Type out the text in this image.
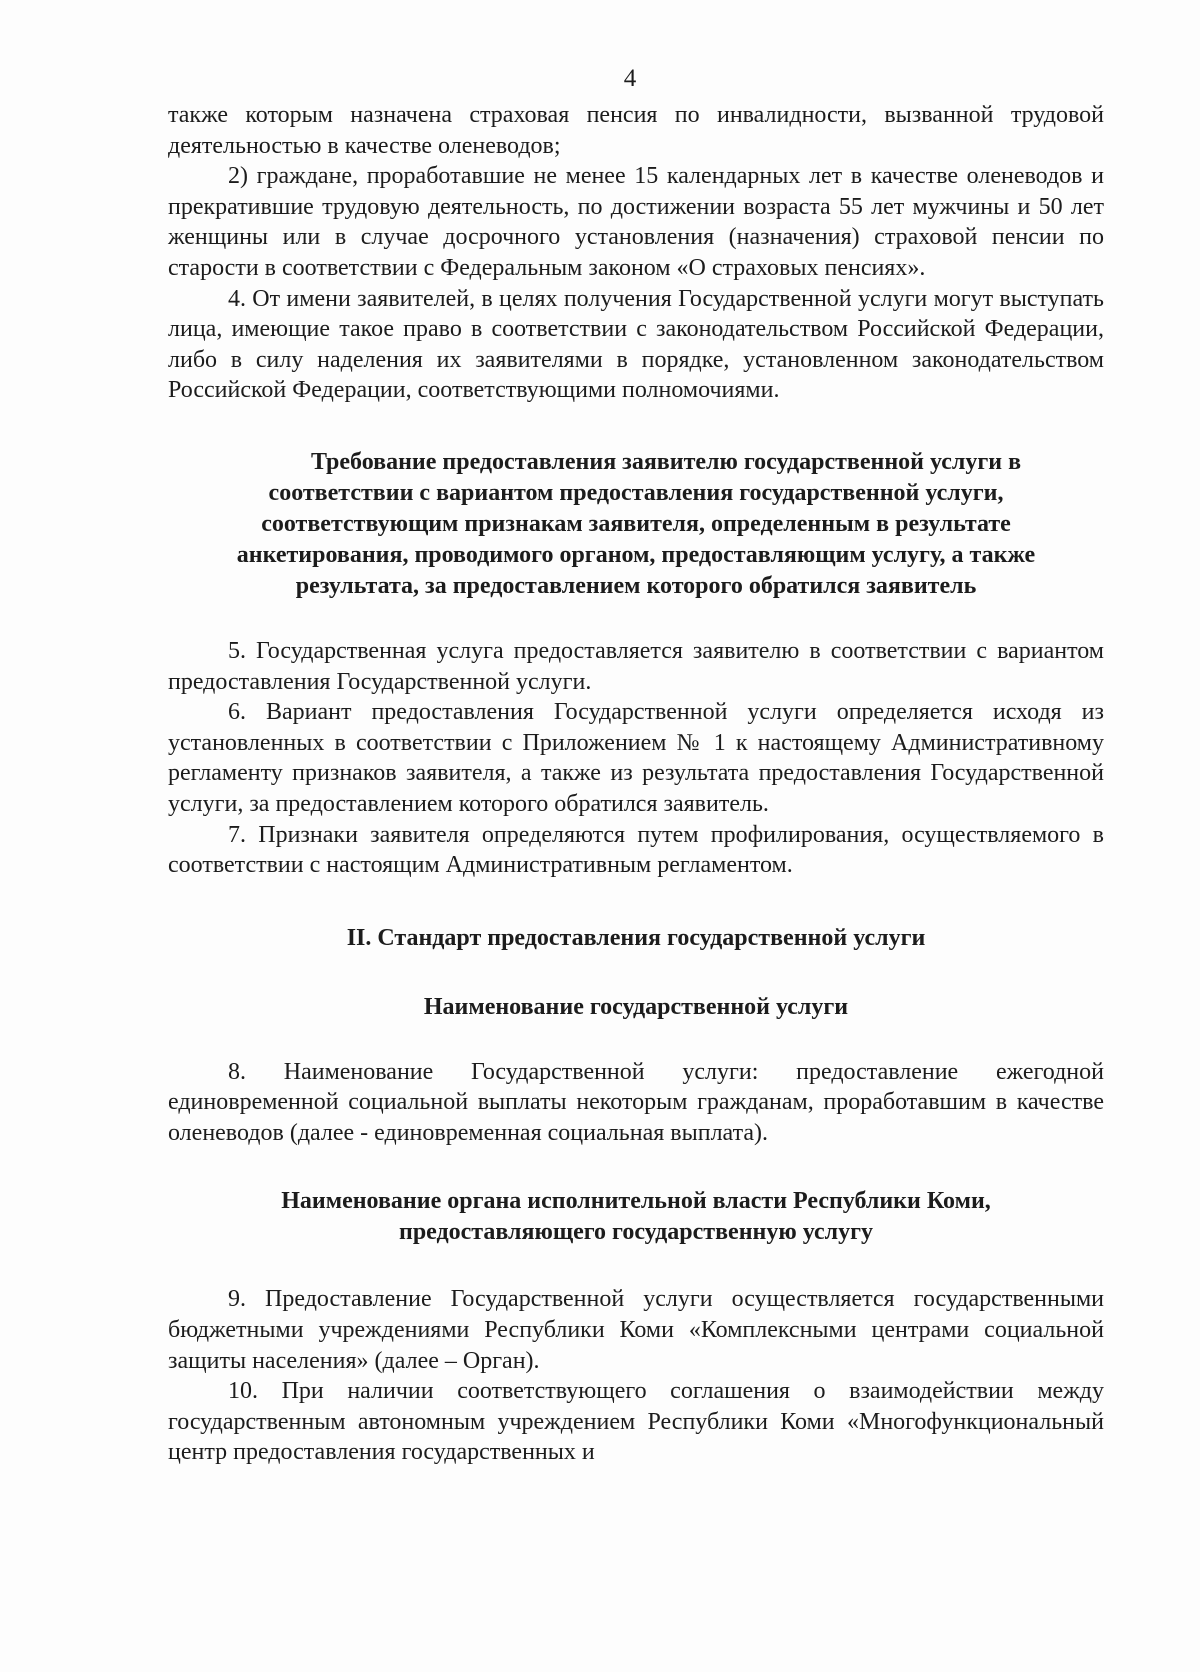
4

также которым назначена страховая пенсия по инвалидности, вызванной трудовой деятельностью в качестве оленеводов;

2) граждане, проработавшие не менее 15 календарных лет в качестве оленеводов и прекратившие трудовую деятельность, по достижении возраста 55 лет мужчины и 50 лет женщины или в случае досрочного установления (назначения) страховой пенсии по старости в соответствии с Федеральным законом «О страховых пенсиях».

4. От имени заявителей, в целях получения Государственной услуги могут выступать лица, имеющие такое право в соответствии с законодательством Российской Федерации, либо в силу наделения их заявителями в порядке, установленном законодательством Российской Федерации, соответствующими полномочиями.

Требование предоставления заявителю государственной услуги в
соответствии с вариантом предоставления государственной услуги,
соответствующим признакам заявителя, определенным в результате
анкетирования, проводимого органом, предоставляющим услугу, а также
результата, за предоставлением которого обратился заявитель

5. Государственная услуга предоставляется заявителю в соответствии с вариантом предоставления Государственной услуги.

6. Вариант предоставления Государственной услуги определяется исходя из установленных в соответствии с Приложением № 1 к настоящему Административному регламенту признаков заявителя, а также из результата предоставления Государственной услуги, за предоставлением которого обратился заявитель.

7. Признаки заявителя определяются путем профилирования, осуществляемого в соответствии с настоящим Административным регламентом.

II. Стандарт предоставления государственной услуги
Наименование государственной услуги

8. Наименование Государственной услуги: предоставление ежегодной единовременной социальной выплаты некоторым гражданам, проработавшим в качестве оленеводов (далее - единовременная социальная выплата).

Наименование органа исполнительной власти Республики Коми,
предоставляющего государственную услугу

9. Предоставление Государственной услуги осуществляется государственными бюджетными учреждениями Республики Коми «Комплексными центрами социальной защиты населения» (далее – Орган).

10. При наличии соответствующего соглашения о взаимодействии между государственным автономным учреждением Республики Коми «Многофункциональный центр предоставления государственных и
